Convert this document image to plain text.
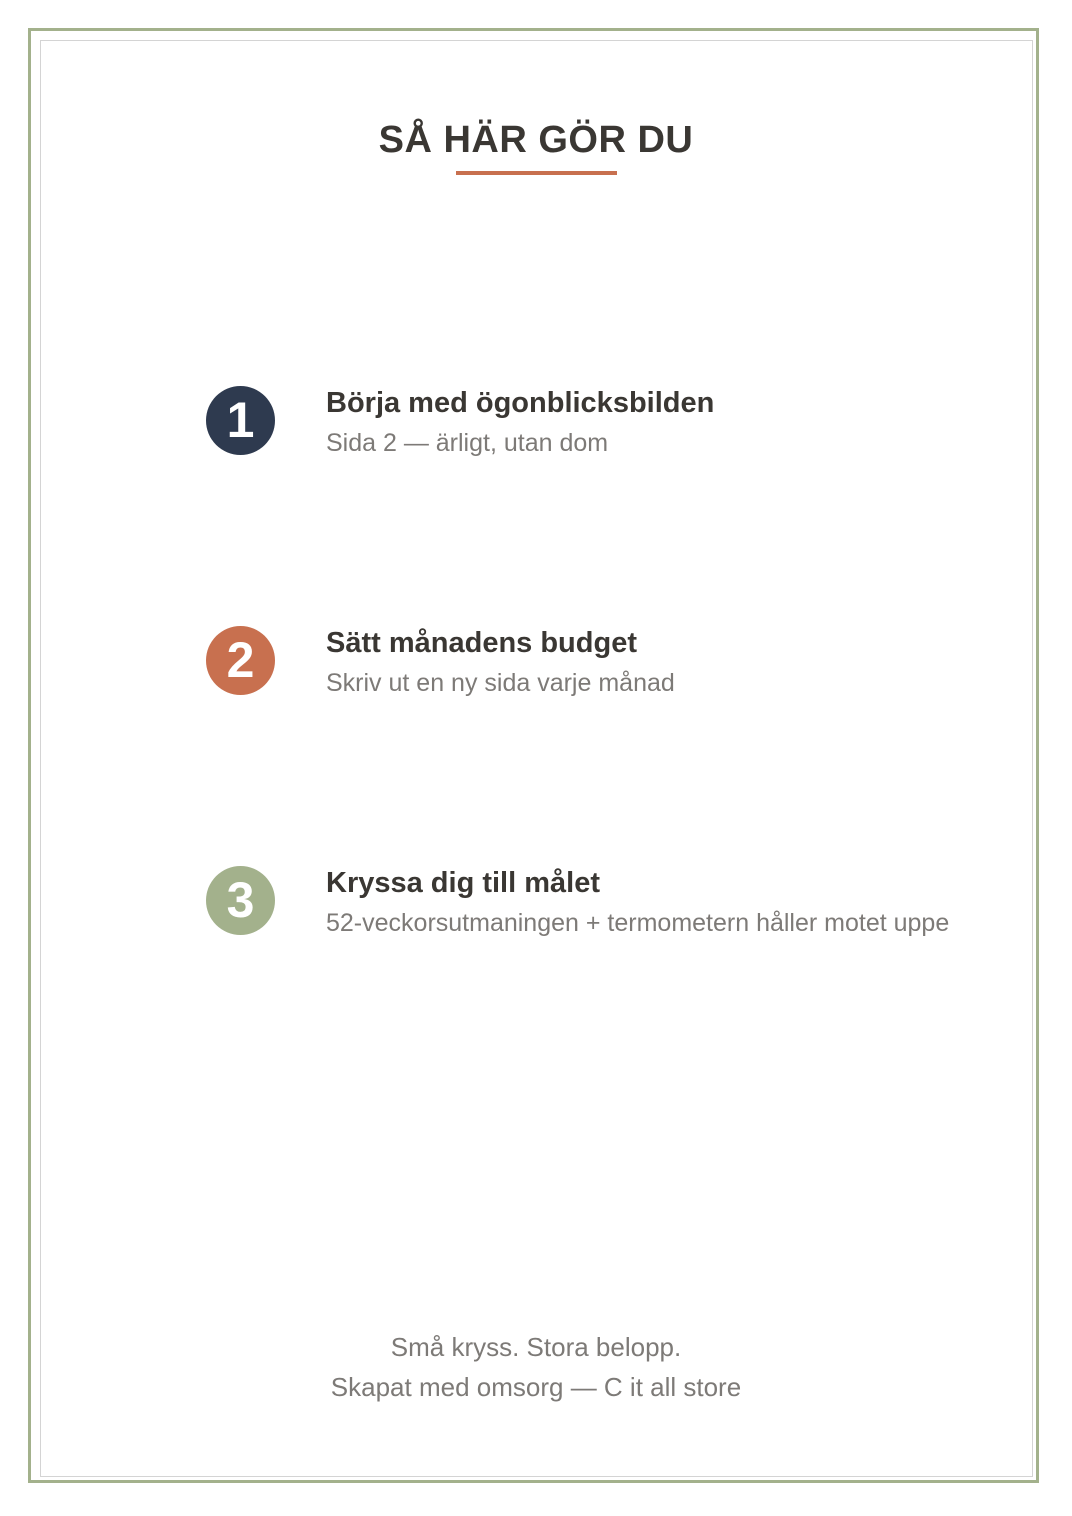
SÅ HÄR GÖR DU
1	Börja med ögonblicksbilden
Sida 2 — ärligt, utan dom
2	Sätt månadens budget
Skriv ut en ny sida varje månad
3	Kryssa dig till målet
52-veckorsutmaningen + termometern håller motet uppe
Små kryss. Stora belopp.
Skapat med omsorg — C it all store
